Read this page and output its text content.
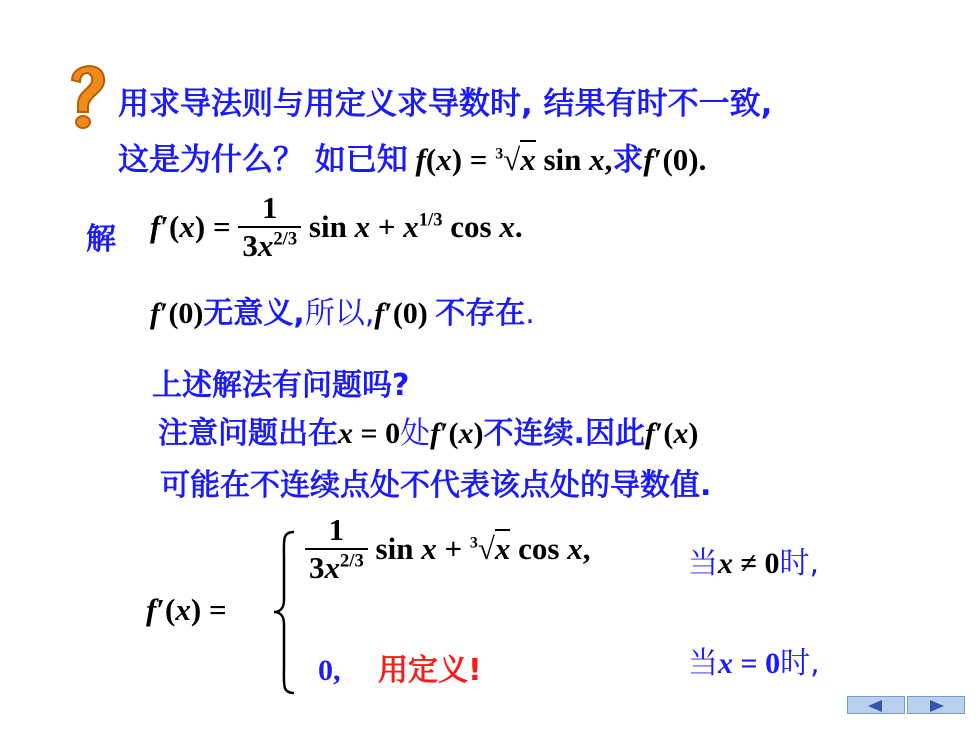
用求导法则与用定义求导数时, 结果有时不一致,
这是为什么？ 如已知 f(x) = $^3$√x sin x,求f′(0).
解 $f'(x) = \frac{1}{3x^{2/3}}$ $\sin x + x^{1/3}$ cos x.
f′(0)无意义,所以,f′(0) 不存在.
上述解法有问题吗?
注意问题出在x = 0处f′(x)不连续.因此f′(x)
可能在不连续点处不代表该点处的导数值.
f′(x) =
$\frac{1}{3x^{2/3}}$ sin x + $^3$√x cos x,	当x ≠ 0时,
0, 用定义!	当x = 0时,
